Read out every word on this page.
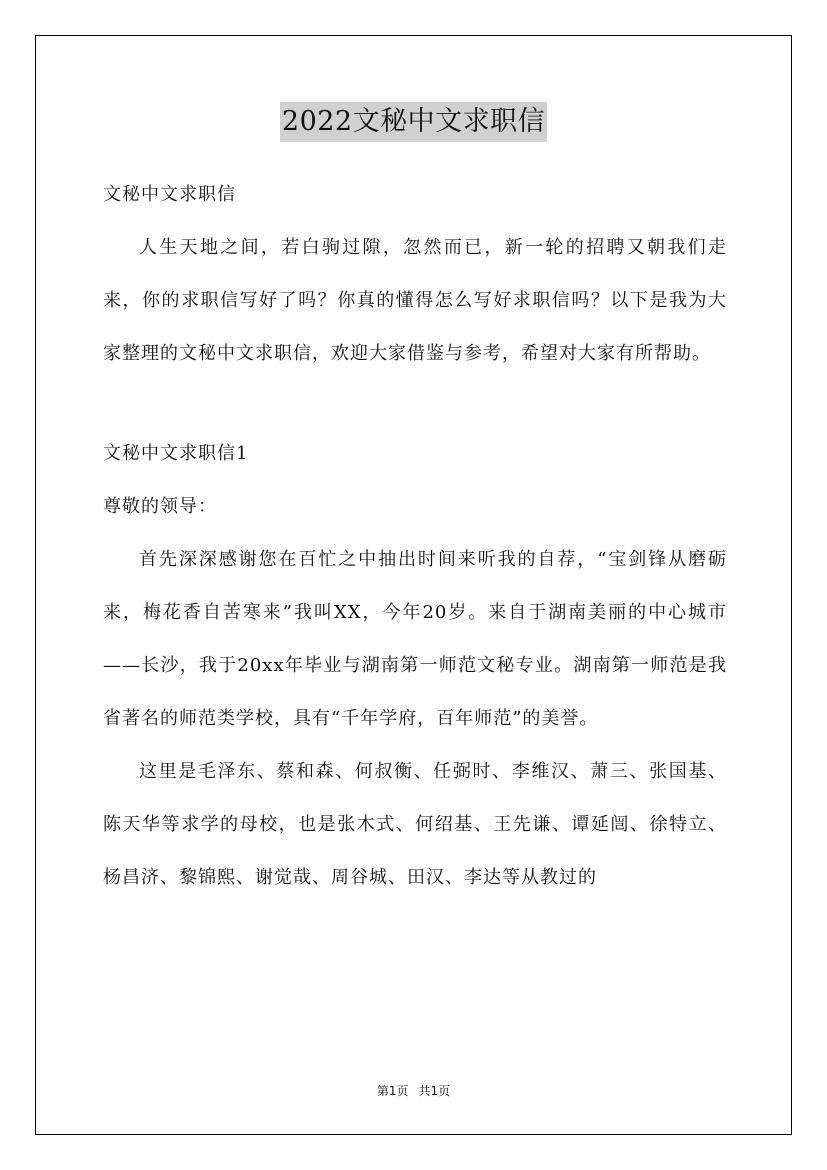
2022文秘中文求职信

文秘中文求职信

人生天地之间，若白驹过隙，忽然而已，新一轮的招聘又朝我们走来，你的求职信写好了吗？你真的懂得怎么写好求职信吗？以下是我为大家整理的文秘中文求职信，欢迎大家借鉴与参考，希望对大家有所帮助。

文秘中文求职信1

尊敬的领导：

首先深深感谢您在百忙之中抽出时间来听我的自荐，“宝剑锋从磨砺来，梅花香自苦寒来”我叫XX，今年20岁。来自于湖南美丽的中心城市——长沙，我于20xx年毕业与湖南第一师范文秘专业。湖南第一师范是我省著名的师范类学校，具有“千年学府，百年师范”的美誉。

这里是毛泽东、蔡和森、何叔衡、任弼时、李维汉、萧三、张国基、陈天华等求学的母校，也是张木式、何绍基、王先谦、谭延闿、徐特立、杨昌济、黎锦熙、谢觉哉、周谷城、田汉、李达等从教过的

第1页 共1页
